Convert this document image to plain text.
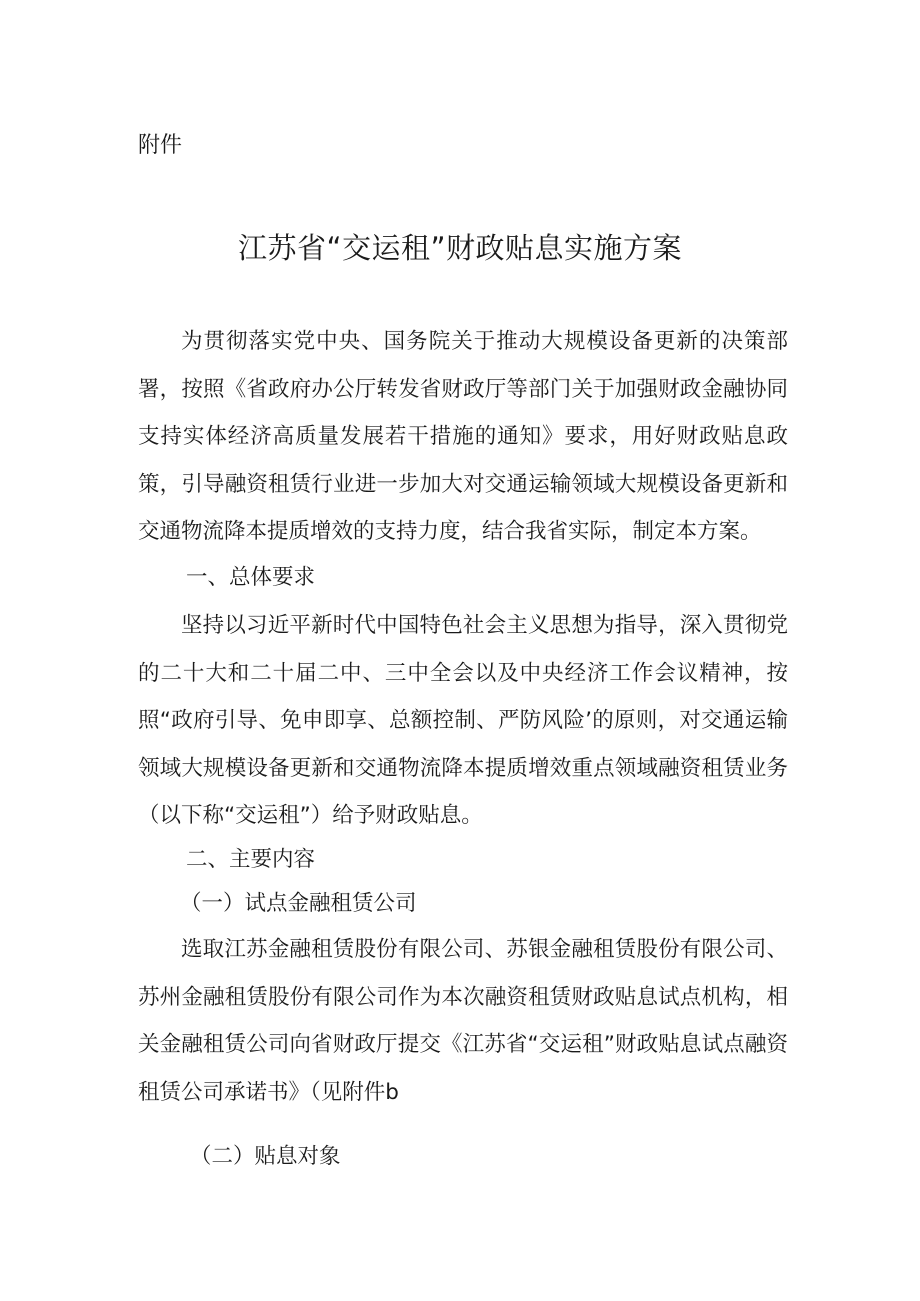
附件
江苏省“交运租”财政贴息实施方案

为贯彻落实党中央、国务院关于推动大规模设备更新的决策部署，按照《省政府办公厅转发省财政厅等部门关于加强财政金融协同支持实体经济高质量发展若干措施的通知》要求，用好财政贴息政策，引导融资租赁行业进一步加大对交通运输领域大规模设备更新和交通物流降本提质增效的支持力度，结合我省实际，制定本方案。

一、总体要求

坚持以习近平新时代中国特色社会主义思想为指导，深入贯彻党的二十大和二十届二中、三中全会以及中央经济工作会议精神，按照“政府引导、免申即享、总额控制、严防风险’的原则，对交通运输领域大规模设备更新和交通物流降本提质增效重点领域融资租赁业务（以下称“交运租”）给予财政贴息。

二、主要内容
（一）试点金融租赁公司

选取江苏金融租赁股份有限公司、苏银金融租赁股份有限公司、苏州金融租赁股份有限公司作为本次融资租赁财政贴息试点机构，相关金融租赁公司向省财政厅提交《江苏省“交运租”财政贴息试点融资租赁公司承诺书》（见附件b

（二）贴息对象
